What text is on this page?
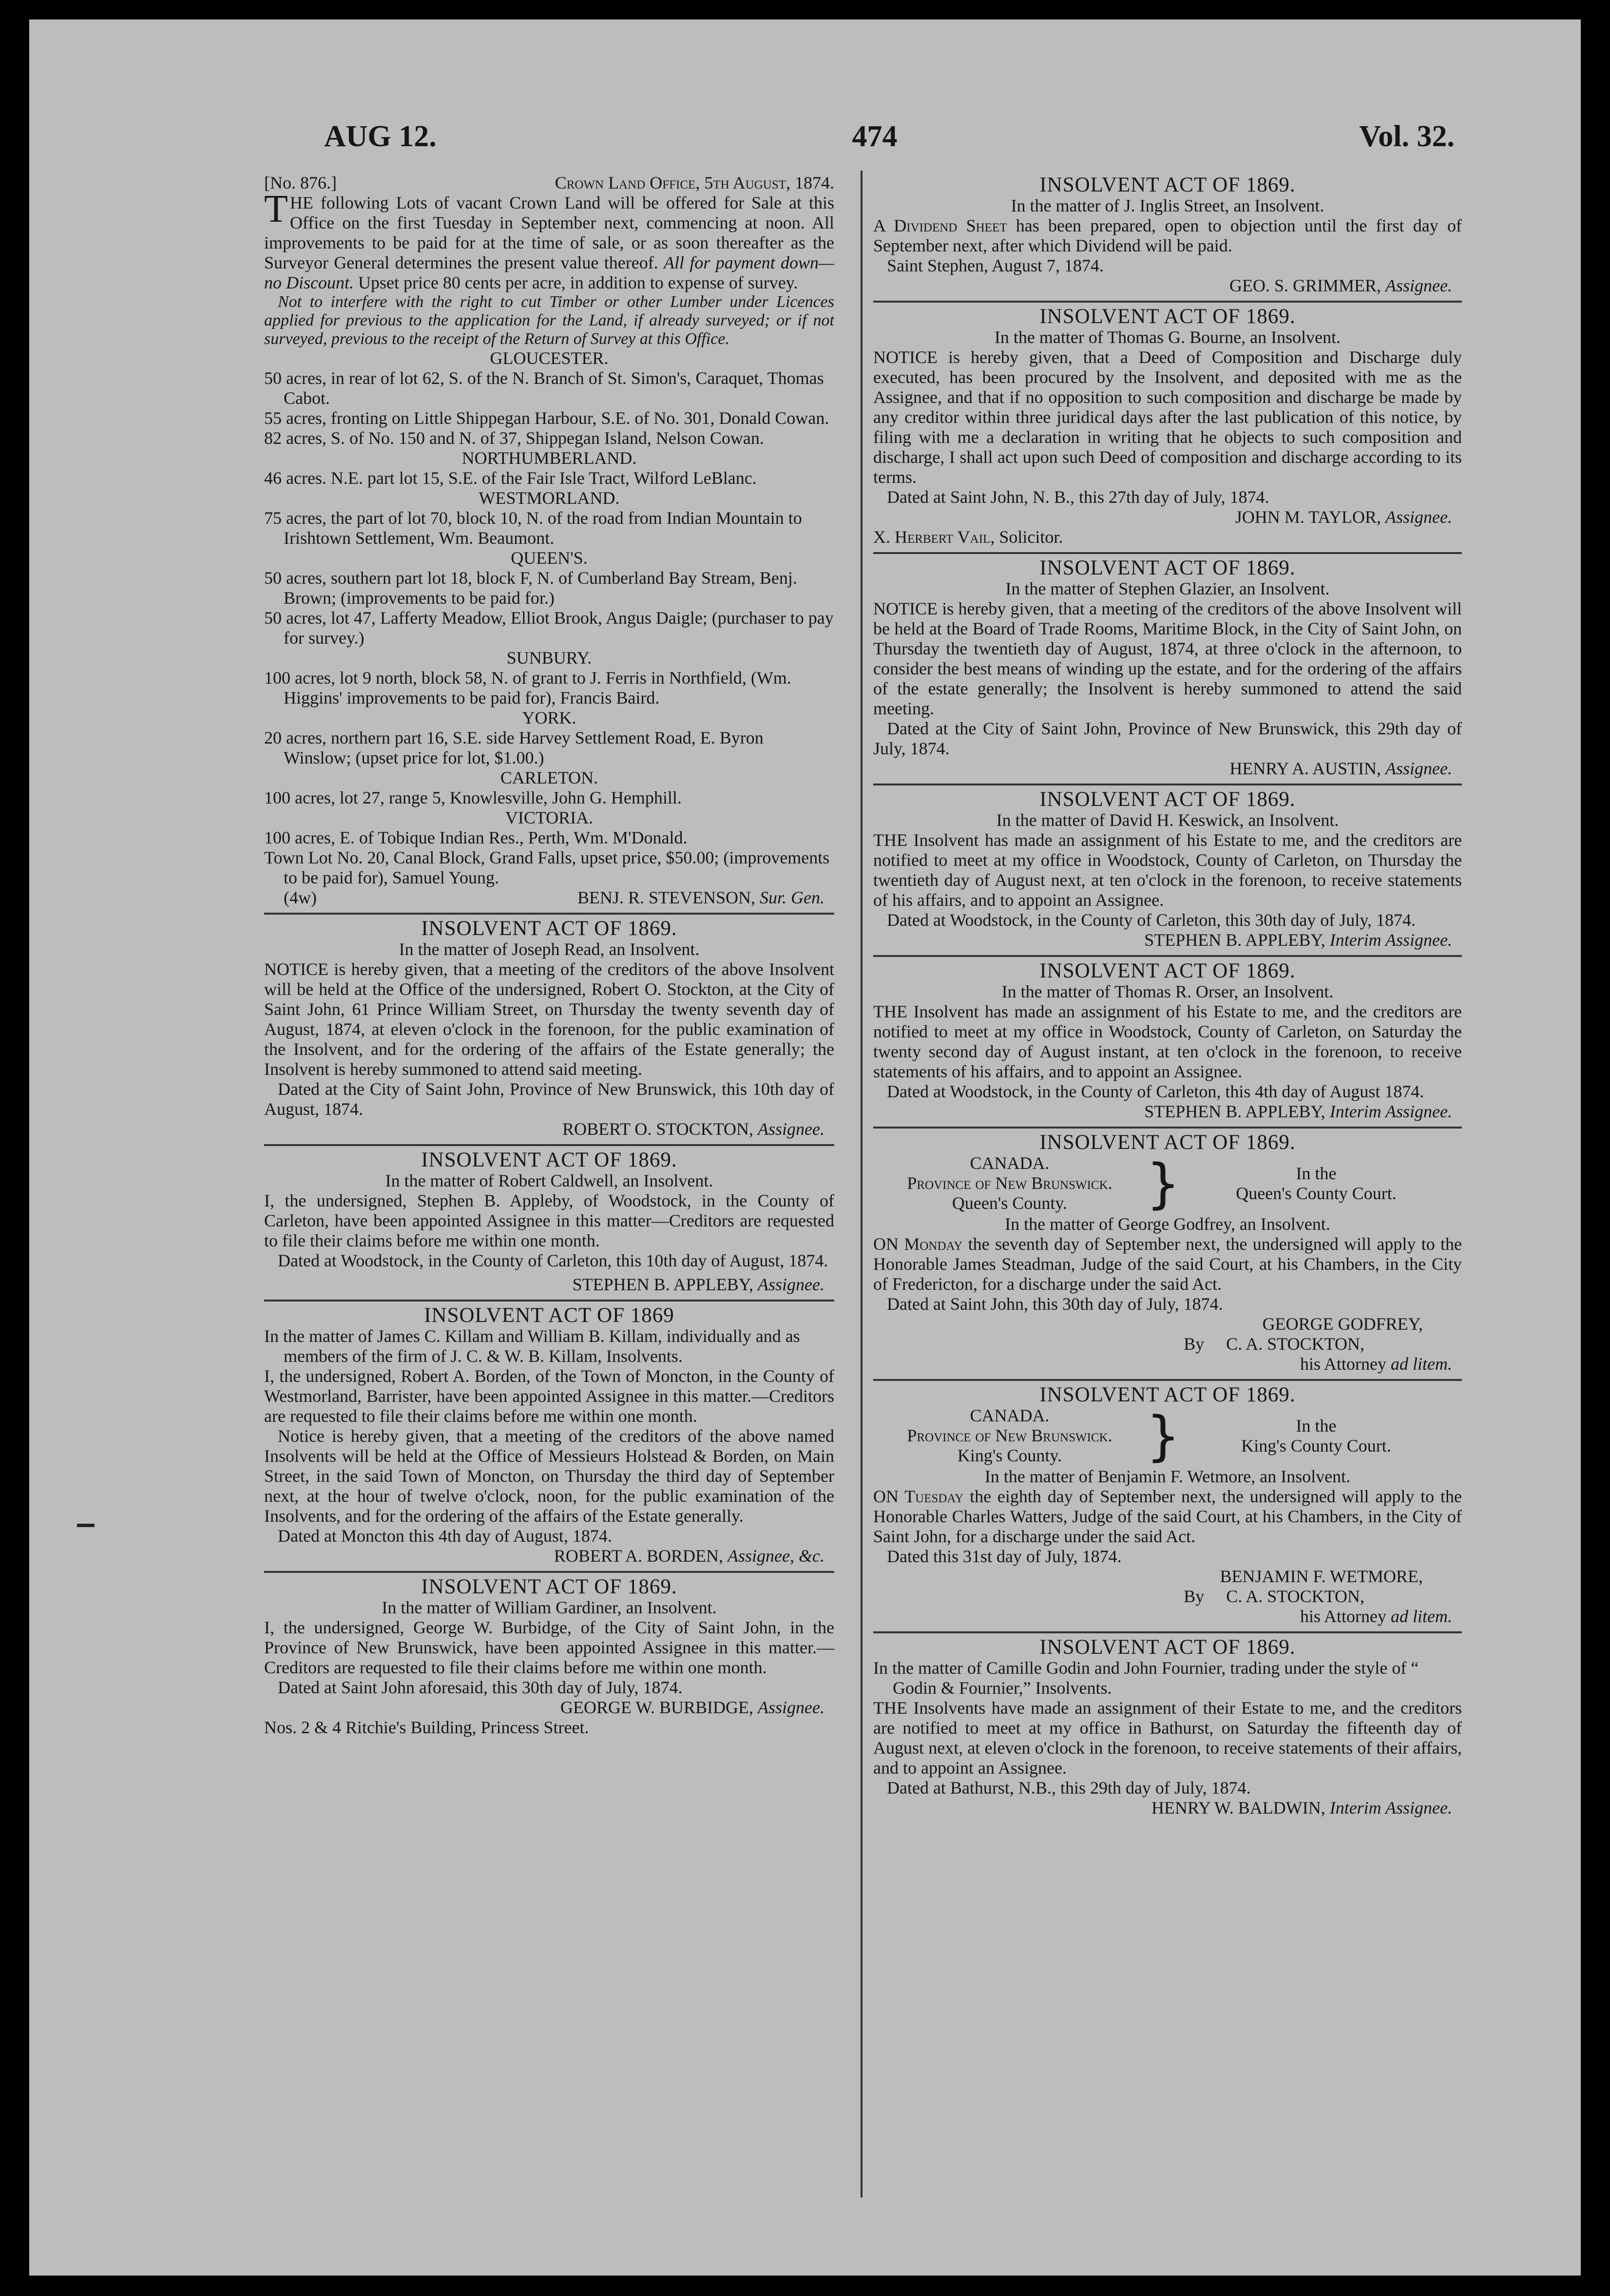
AUG 12.	474	Vol. 32.
[No. 876.]	Crown Land Office, 5th August, 1874.

THE following Lots of vacant Crown Land will be offered for Sale at this Office on the first Tuesday in September next, commencing at noon. All improvements to be paid for at the time of sale, or as soon thereafter as the Surveyor General determines the present value thereof. All for payment down—no Discount. Upset price 80 cents per acre, in addition to expense of survey.

Not to interfere with the right to cut Timber or other Lumber under Licences applied for previous to the application for the Land, if already surveyed; or if not surveyed, previous to the receipt of the Return of Survey at this Office.

GLOUCESTER.

50 acres, in rear of lot 62, S. of the N. Branch of St. Simon's, Caraquet, Thomas Cabot.

55 acres, fronting on Little Shippegan Harbour, S.E. of No. 301, Donald Cowan.

82 acres, S. of No. 150 and N. of 37, Shippegan Island, Nelson Cowan.

NORTHUMBERLAND.

46 acres. N.E. part lot 15, S.E. of the Fair Isle Tract, Wilford LeBlanc.

WESTMORLAND.

75 acres, the part of lot 70, block 10, N. of the road from Indian Mountain to Irishtown Settlement, Wm. Beaumont.

QUEEN'S.

50 acres, southern part lot 18, block F, N. of Cumberland Bay Stream, Benj. Brown; (improvements to be paid for.)

50 acres, lot 47, Lafferty Meadow, Elliot Brook, Angus Daigle; (purchaser to pay for survey.)

SUNBURY.

100 acres, lot 9 north, block 58, N. of grant to J. Ferris in Northfield, (Wm. Higgins' improvements to be paid for), Francis Baird.

YORK.

20 acres, northern part 16, S.E. side Harvey Settlement Road, E. Byron Winslow; (upset price for lot, $1.00.)

CARLETON.

100 acres, lot 27, range 5, Knowlesville, John G. Hemphill.

VICTORIA.

100 acres, E. of Tobique Indian Res., Perth, Wm. M'Donald.

Town Lot No. 20, Canal Block, Grand Falls, upset price, $50.00; (improvements to be paid for), Samuel Young.

(4w)	BENJ. R. STEVENSON, Sur. Gen.
INSOLVENT ACT OF 1869.
In the matter of Joseph Read, an Insolvent.

NOTICE is hereby given, that a meeting of the creditors of the above Insolvent will be held at the Office of the undersigned, Robert O. Stockton, at the City of Saint John, 61 Prince William Street, on Thursday the twenty seventh day of August, 1874, at eleven o'clock in the forenoon, for the public examination of the Insolvent, and for the ordering of the affairs of the Estate generally; the Insolvent is hereby summoned to attend said meeting.

Dated at the City of Saint John, Province of New Brunswick, this 10th day of August, 1874.

ROBERT O. STOCKTON, Assignee.
INSOLVENT ACT OF 1869.
In the matter of Robert Caldwell, an Insolvent.

I, the undersigned, Stephen B. Appleby, of Woodstock, in the County of Carleton, have been appointed Assignee in this matter—Creditors are requested to file their claims before me within one month.

Dated at Woodstock, in the County of Carleton, this 10th day of August, 1874.

STEPHEN B. APPLEBY, Assignee.
INSOLVENT ACT OF 1869

In the matter of James C. Killam and William B. Killam, individually and as members of the firm of J. C. & W. B. Killam, Insolvents.

I, the undersigned, Robert A. Borden, of the Town of Moncton, in the County of Westmorland, Barrister, have been appointed Assignee in this matter.—Creditors are requested to file their claims before me within one month.

Notice is hereby given, that a meeting of the creditors of the above named Insolvents will be held at the Office of Messieurs Holstead & Borden, on Main Street, in the said Town of Moncton, on Thursday the third day of September next, at the hour of twelve o'clock, noon, for the public examination of the Insolvents, and for the ordering of the affairs of the Estate generally.

Dated at Moncton this 4th day of August, 1874.

ROBERT A. BORDEN, Assignee, &c.
INSOLVENT ACT OF 1869.
In the matter of William Gardiner, an Insolvent.

I, the undersigned, George W. Burbidge, of the City of Saint John, in the Province of New Brunswick, have been appointed Assignee in this matter.—Creditors are requested to file their claims before me within one month.

Dated at Saint John aforesaid, this 30th day of July, 1874.

GEORGE W. BURBIDGE, Assignee.
Nos. 2 & 4 Ritchie's Building, Princess Street.
INSOLVENT ACT OF 1869.
In the matter of J. Inglis Street, an Insolvent.

A Dividend Sheet has been prepared, open to objection until the first day of September next, after which Dividend will be paid.

Saint Stephen, August 7, 1874.

GEO. S. GRIMMER, Assignee.
INSOLVENT ACT OF 1869.
In the matter of Thomas G. Bourne, an Insolvent.

NOTICE is hereby given, that a Deed of Composition and Discharge duly executed, has been procured by the Insolvent, and deposited with me as the Assignee, and that if no opposition to such composition and discharge be made by any creditor within three juridical days after the last publication of this notice, by filing with me a declaration in writing that he objects to such composition and discharge, I shall act upon such Deed of composition and discharge according to its terms.

Dated at Saint John, N. B., this 27th day of July, 1874.

JOHN M. TAYLOR, Assignee.
X. Herbert Vail, Solicitor.
INSOLVENT ACT OF 1869.
In the matter of Stephen Glazier, an Insolvent.

NOTICE is hereby given, that a meeting of the creditors of the above Insolvent will be held at the Board of Trade Rooms, Maritime Block, in the City of Saint John, on Thursday the twentieth day of August, 1874, at three o'clock in the afternoon, to consider the best means of winding up the estate, and for the ordering of the affairs of the estate generally; the Insolvent is hereby summoned to attend the said meeting.

Dated at the City of Saint John, Province of New Brunswick, this 29th day of July, 1874.

HENRY A. AUSTIN, Assignee.
INSOLVENT ACT OF 1869.
In the matter of David H. Keswick, an Insolvent.

THE Insolvent has made an assignment of his Estate to me, and the creditors are notified to meet at my office in Woodstock, County of Carleton, on Thursday the twentieth day of August next, at ten o'clock in the forenoon, to receive statements of his affairs, and to appoint an Assignee.

Dated at Woodstock, in the County of Carleton, this 30th day of July, 1874.

STEPHEN B. APPLEBY, Interim Assignee.
INSOLVENT ACT OF 1869.
In the matter of Thomas R. Orser, an Insolvent.

THE Insolvent has made an assignment of his Estate to me, and the creditors are notified to meet at my office in Woodstock, County of Carleton, on Saturday the twenty second day of August instant, at ten o'clock in the forenoon, to receive statements of his affairs, and to appoint an Assignee.

Dated at Woodstock, in the County of Carleton, this 4th day of August 1874.

STEPHEN B. APPLEBY, Interim Assignee.
INSOLVENT ACT OF 1869.
CANADA.
Province of New Brunswick.
Queen's County.	}	In the
Queen's County Court.
In the matter of George Godfrey, an Insolvent.

ON Monday the seventh day of September next, the undersigned will apply to the Honorable James Steadman, Judge of the said Court, at his Chambers, in the City of Fredericton, for a discharge under the said Act.

Dated at Saint John, this 30th day of July, 1874.

GEORGE GODFREY,
By     C. A. STOCKTON,
his Attorney ad litem.
INSOLVENT ACT OF 1869.
CANADA.
Province of New Brunswick.
King's County.	}	In the
King's County Court.
In the matter of Benjamin F. Wetmore, an Insolvent.

ON Tuesday the eighth day of September next, the undersigned will apply to the Honorable Charles Watters, Judge of the said Court, at his Chambers, in the City of Saint John, for a discharge under the said Act.

Dated this 31st day of July, 1874.

BENJAMIN F. WETMORE,
By     C. A. STOCKTON,
his Attorney ad litem.
INSOLVENT ACT OF 1869.

In the matter of Camille Godin and John Fournier, trading under the style of “ Godin & Fournier,” Insolvents.

THE Insolvents have made an assignment of their Estate to me, and the creditors are notified to meet at my office in Bathurst, on Saturday the fifteenth day of August next, at eleven o'clock in the forenoon, to receive statements of their affairs, and to appoint an Assignee.

Dated at Bathurst, N.B., this 29th day of July, 1874.

HENRY W. BALDWIN, Interim Assignee.
